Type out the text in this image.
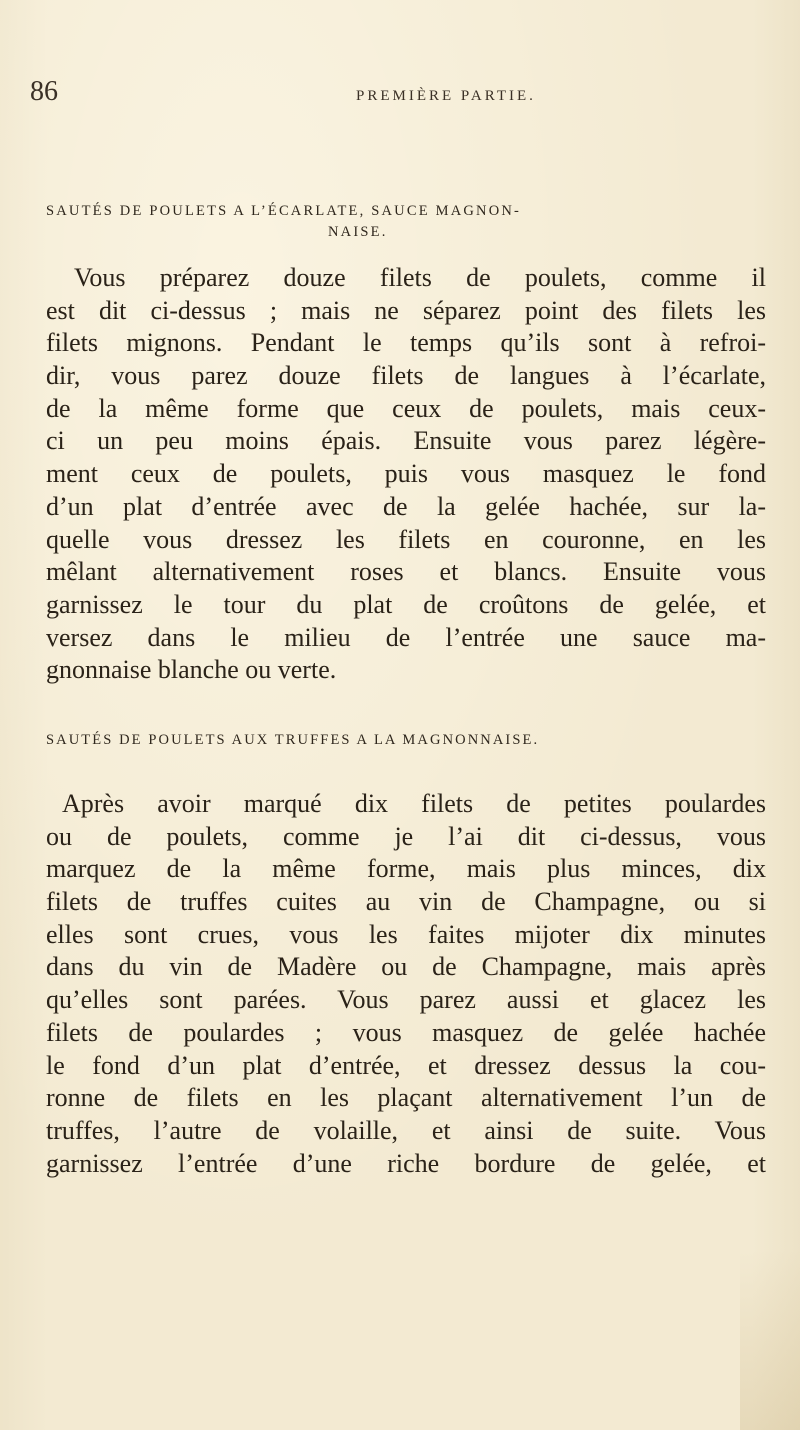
86	PREMIÈRE PARTIE.
SAUTÉS DE POULETS A L’ÉCARLATE, SAUCE MAGNON-
NAISE.
Vous préparez douze filets de poulets, comme il
est dit ci-dessus ; mais ne séparez point des filets les
filets mignons. Pendant le temps qu’ils sont à refroi-
dir, vous parez douze filets de langues à l’écarlate,
de la même forme que ceux de poulets, mais ceux-
ci un peu moins épais. Ensuite vous parez légère-
ment ceux de poulets, puis vous masquez le fond
d’un plat d’entrée avec de la gelée hachée, sur la-
quelle vous dressez les filets en couronne, en les
mêlant alternativement roses et blancs. Ensuite vous
garnissez le tour du plat de croûtons de gelée, et
versez dans le milieu de l’entrée une sauce ma-
gnonnaise blanche ou verte.
SAUTÉS DE POULETS AUX TRUFFES A LA MAGNONNAISE.
Après avoir marqué dix filets de petites poulardes
ou de poulets, comme je l’ai dit ci-dessus, vous
marquez de la même forme, mais plus minces, dix
filets de truffes cuites au vin de Champagne, ou si
elles sont crues, vous les faites mijoter dix minutes
dans du vin de Madère ou de Champagne, mais après
qu’elles sont parées. Vous parez aussi et glacez les
filets de poulardes ; vous masquez de gelée hachée
le fond d’un plat d’entrée, et dressez dessus la cou-
ronne de filets en les plaçant alternativement l’un de
truffes, l’autre de volaille, et ainsi de suite. Vous
garnissez l’entrée d’une riche bordure de gelée, et
